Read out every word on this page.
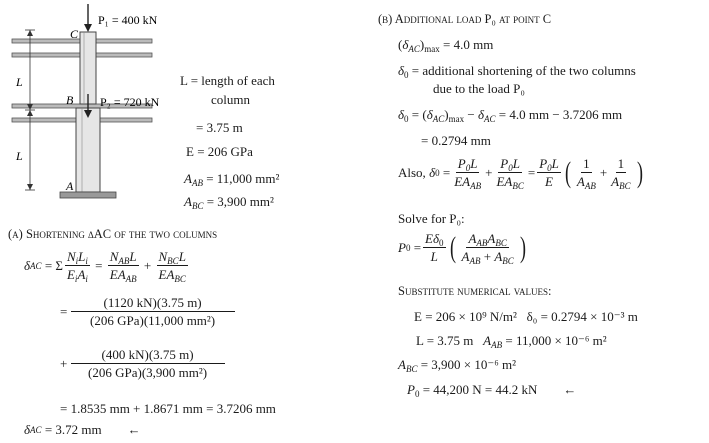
C
B
A
L
L
P₁ = 400 kN
P₂ = 720 kN
L = length of each
column
= 3.75 m
E = 206 GPa
$A_{AB} = 11,000$ mm²
$A_{BC} = 3,900$ mm²
(a) Shortening δAC of the two columns
δ AC = Σ $\frac{N_iL_i}{E_iA_i} = \frac{N_{AB}L}{EA_{AB}} + \frac{N_{BC}L}{EA_{BC}}$
= $\frac{(1120 kN)(3.75 m)}{\text{(206 GPa)(11,000 mm²)}}$
+ $\frac{(400 kN)(3.75 m)}{\text{(206 GPa)(3,900 mm²)}}$
= 1.8535 mm + 1.8671 mm = 3.7206 mm
δ AC
= 3.72 mm ←
(b) Additional load P₀ at point C
$(\delta_{AC})_{max} = 4.0$ mm
$\delta_0$ = additional shortening of the two columns
due to the load P₀
$\delta_0 = (\delta_{AC})_{max} - \delta_{AC} = 4.0$ mm − 3.7206 mm
= 0.2794 mm
Also,
δ $0 = \frac{P_0L}{EA_{AB}} + \frac{P_0L}{EA_{BC}} = \frac{P_0L}{E}$ ( $\frac{1}{A_{AB}} + \frac{1}{A_{BC}}$ )
Solve for P₀:
P $0 = \frac{E\delta_0}{L}$ ( $\frac{A_{AB}A_{BC}}{A_{AB} + A_{BC}}$ )
Substitute numerical values:
E = 206 × 10⁹ N/m² δ₀ = 0.2794 × 10⁻³ m
L = 3.75 m $A_{AB} = 11,000 \times 10^{-6}$ m²
$A_{BC} = 3,900 \times 10^{-6}$ m²
$P_0 = 44,200$ N = 44.2 kN ←
